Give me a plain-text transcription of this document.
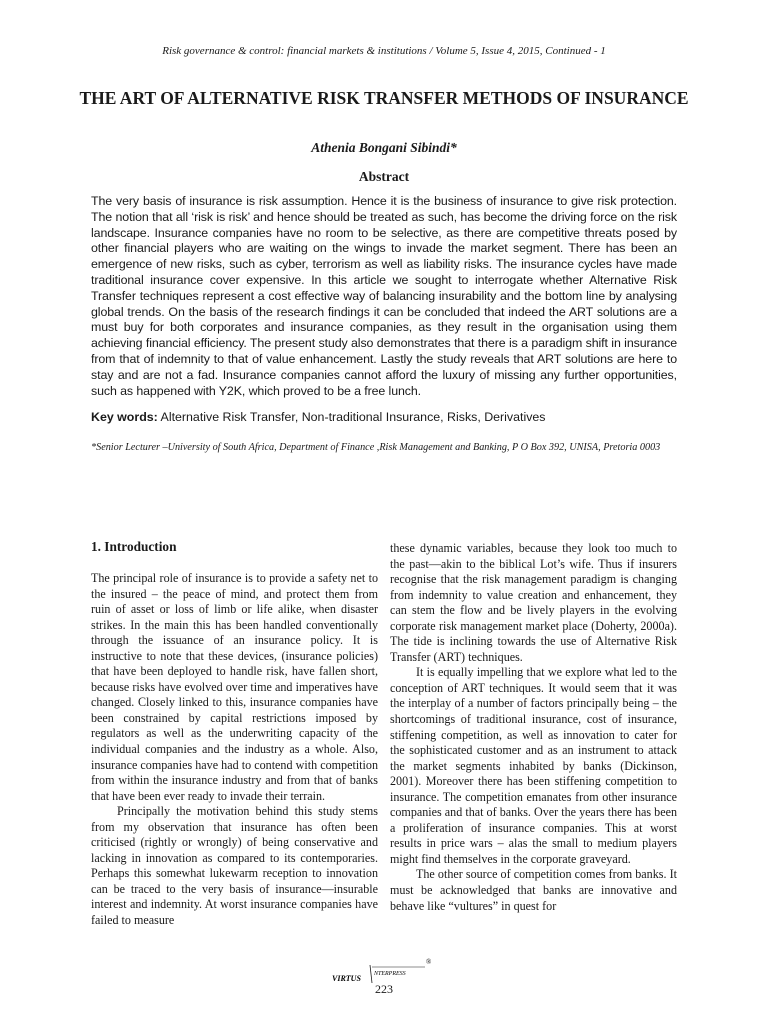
Risk governance & control: financial markets & institutions / Volume 5, Issue 4, 2015, Continued - 1
THE ART OF ALTERNATIVE RISK TRANSFER METHODS OF INSURANCE
Athenia Bongani Sibindi*
Abstract
The very basis of insurance is risk assumption. Hence it is the business of insurance to give risk protection. The notion that all ‘risk is risk’ and hence should be treated as such, has become the driving force on the risk landscape. Insurance companies have no room to be selective, as there are competitive threats posed by other financial players who are waiting on the wings to invade the market segment. There has been an emergence of new risks, such as cyber, terrorism as well as liability risks. The insurance cycles have made traditional insurance cover expensive. In this article we sought to interrogate whether Alternative Risk Transfer techniques represent a cost effective way of balancing insurability and the bottom line by analysing global trends. On the basis of the research findings it can be concluded that indeed the ART solutions are a must buy for both corporates and insurance companies, as they result in the organisation using them achieving financial efficiency. The present study also demonstrates that there is a paradigm shift in insurance from that of indemnity to that of value enhancement. Lastly the study reveals that ART solutions are here to stay and are not a fad. Insurance companies cannot afford the luxury of missing any further opportunities, such as happened with Y2K, which proved to be a free lunch.
Key words: Alternative Risk Transfer, Non-traditional Insurance, Risks, Derivatives
*Senior Lecturer –University of South Africa, Department of Finance ,Risk Management and Banking, P O Box 392, UNISA, Pretoria 0003
1. Introduction

The principal role of insurance is to provide a safety net to the insured – the peace of mind, and protect them from ruin of asset or loss of limb or life alike, when disaster strikes. In the main this has been handled conventionally through the issuance of an insurance policy. It is instructive to note that these devices, (insurance policies) that have been deployed to handle risk, have fallen short, because risks have evolved over time and imperatives have changed. Closely linked to this, insurance companies have been constrained by capital restrictions imposed by regulators as well as the underwriting capacity of the individual companies and the industry as a whole. Also, insurance companies have had to contend with competition from within the insurance industry and from that of banks that have been ever ready to invade their terrain.

Principally the motivation behind this study stems from my observation that insurance has often been criticised (rightly or wrongly) of being conservative and lacking in innovation as compared to its contemporaries. Perhaps this somewhat lukewarm reception to innovation can be traced to the very basis of insurance—insurable interest and indemnity. At worst insurance companies have failed to measure

these dynamic variables, because they look too much to the past—akin to the biblical Lot’s wife. Thus if insurers recognise that the risk management paradigm is changing from indemnity to value creation and enhancement, they can stem the flow and be lively players in the evolving corporate risk management market place (Doherty, 2000a). The tide is inclining towards the use of Alternative Risk Transfer (ART) techniques.

It is equally impelling that we explore what led to the conception of ART techniques. It would seem that it was the interplay of a number of factors principally being – the shortcomings of traditional insurance, cost of insurance, stiffening competition, as well as innovation to cater for the sophisticated customer and as an instrument to attack the market segments inhabited by banks (Dickinson, 2001). Moreover there has been stiffening competition to insurance. The competition emanates from other insurance companies and that of banks. Over the years there has been a proliferation of insurance companies. This at worst results in price wars – alas the small to medium players might find themselves in the corporate graveyard.

The other source of competition comes from banks. It must be acknowledged that banks are innovative and behave like “vultures” in quest for

®
VIRTUS NTERPRESS
223
